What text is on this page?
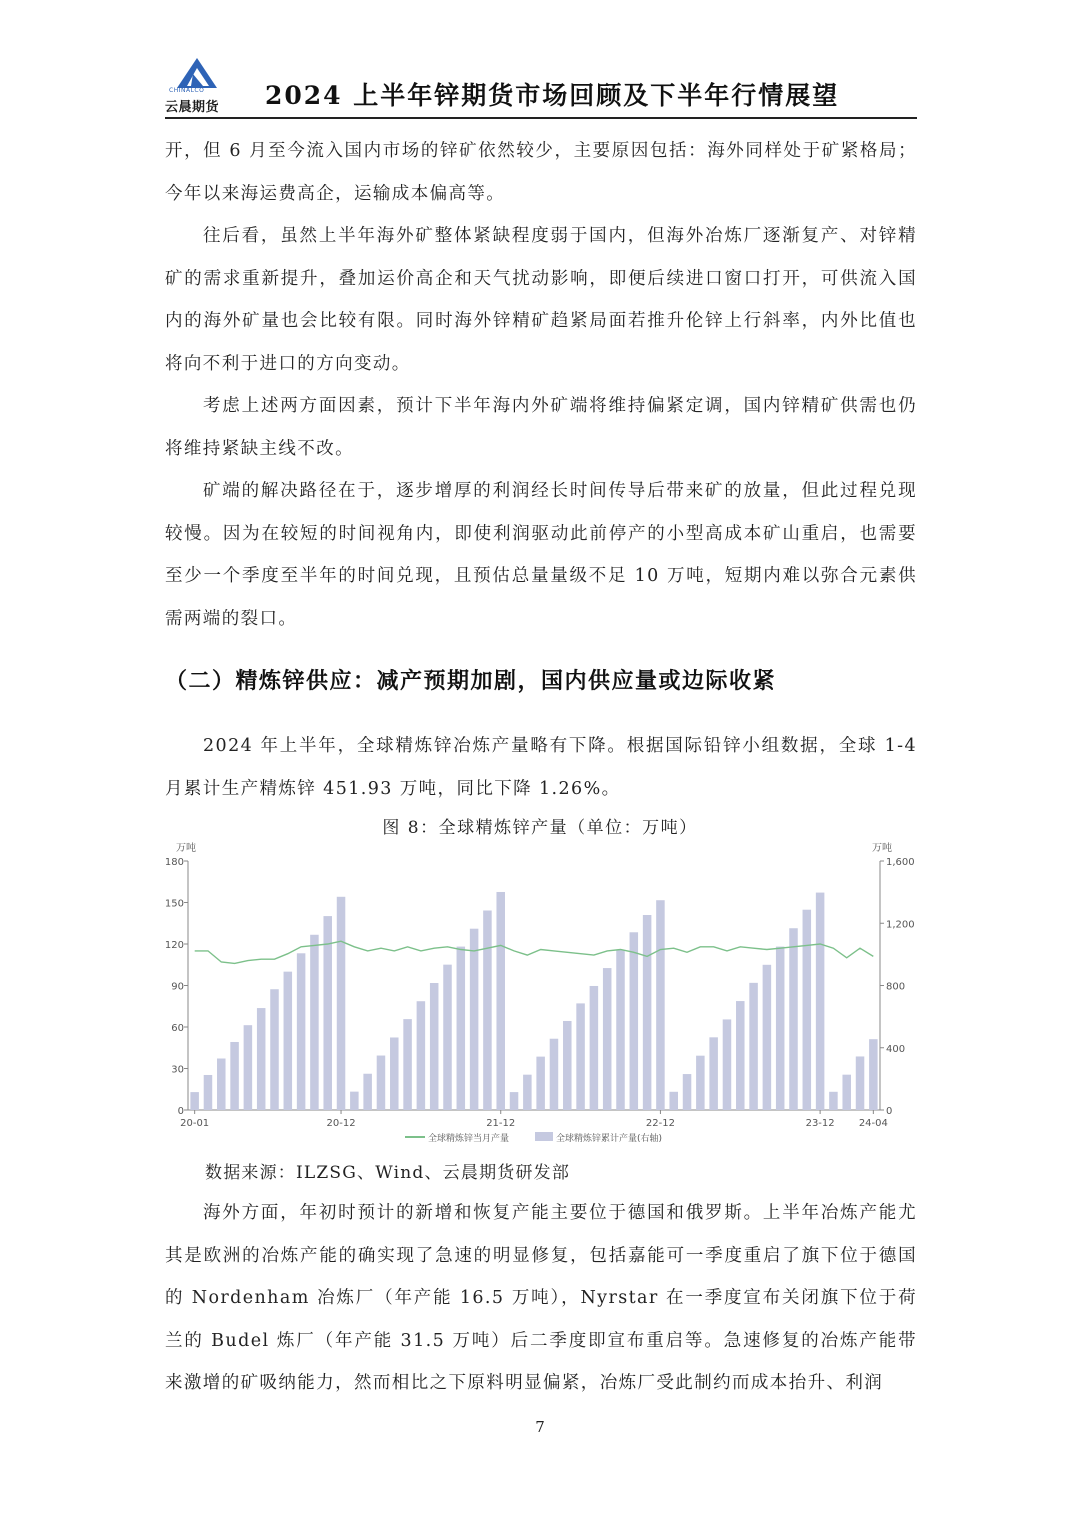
CHINALCO
云晨期货 2024 上半年锌期货市场回顾及下半年行情展望

开，但 6 月至今流入国内市场的锌矿依然较少，主要原因包括：海外同样处于矿紧格局；今年以来海运费高企，运输成本偏高等。

往后看，虽然上半年海外矿整体紧缺程度弱于国内，但海外冶炼厂逐渐复产、对锌精矿的需求重新提升，叠加运价高企和天气扰动影响，即便后续进口窗口打开，可供流入国内的海外矿量也会比较有限。同时海外锌精矿趋紧局面若推升伦锌上行斜率，内外比值也将向不利于进口的方向变动。

考虑上述两方面因素，预计下半年海内外矿端将维持偏紧定调，国内锌精矿供需也仍将维持紧缺主线不改。

矿端的解决路径在于，逐步增厚的利润经长时间传导后带来矿的放量，但此过程兑现较慢。因为在较短的时间视角内，即使利润驱动此前停产的小型高成本矿山重启，也需要至少一个季度至半年的时间兑现，且预估总量量级不足 10 万吨，短期内难以弥合元素供需两端的裂口。

（二）精炼锌供应：减产预期加剧，国内供应量或边际收紧

2024 年上半年，全球精炼锌冶炼产量略有下降。根据国际铅锌小组数据，全球 1-4 月累计生产精炼锌 451.93 万吨，同比下降 1.26%。

图 8：全球精炼锌产量（单位：万吨）
万吨	万吨
0
30
60
90
120
150
180
0
400
800
1,200
1,600
20-01	20-12	21-12	22-12	23-12 24-04
全球精炼锌当月产量	全球精炼锌累计产量(右轴)
数据来源：ILZSG、Wind、云晨期货研发部

海外方面，年初时预计的新增和恢复产能主要位于德国和俄罗斯。上半年冶炼产能尤其是欧洲的冶炼产能的确实现了急速的明显修复，包括嘉能可一季度重启了旗下位于德国的 Nordenham 冶炼厂（年产能 16.5 万吨），Nyrstar 在一季度宣布关闭旗下位于荷兰的 Budel 炼厂（年产能 31.5 万吨）后二季度即宣布重启等。急速修复的冶炼产能带来激增的矿吸纳能力，然而相比之下原料明显偏紧，冶炼厂受此制约而成本抬升、利润

7
